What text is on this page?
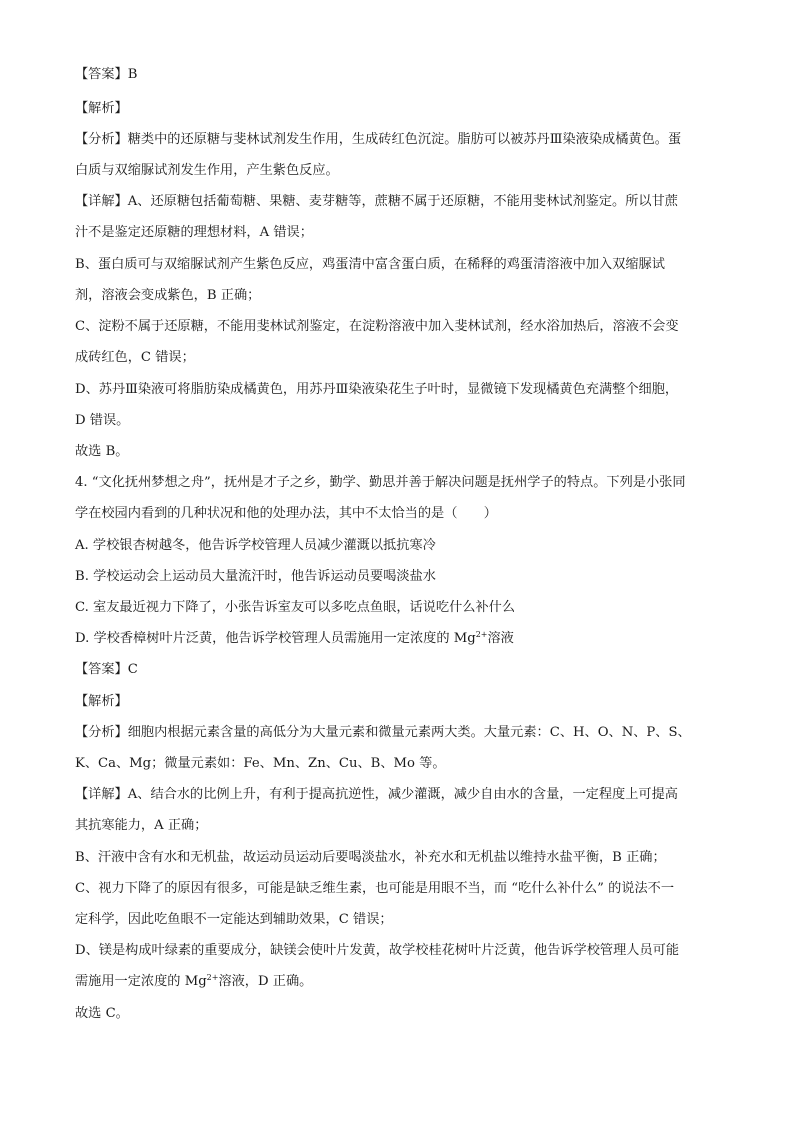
【答案】B
【解析】
【分析】糖类中的还原糖与斐林试剂发生作用，生成砖红色沉淀。脂肪可以被苏丹Ⅲ染液染成橘黄色。蛋
白质与双缩脲试剂发生作用，产生紫色反应。
【详解】A、还原糖包括葡萄糖、果糖、麦芽糖等，蔗糖不属于还原糖，不能用斐林试剂鉴定。所以甘蔗
汁不是鉴定还原糖的理想材料，A 错误；
B、蛋白质可与双缩脲试剂产生紫色反应，鸡蛋清中富含蛋白质，在稀释的鸡蛋清溶液中加入双缩脲试
剂，溶液会变成紫色，B 正确；
C、淀粉不属于还原糖，不能用斐林试剂鉴定，在淀粉溶液中加入斐林试剂，经水浴加热后，溶液不会变
成砖红色，C 错误；
D、苏丹Ⅲ染液可将脂肪染成橘黄色，用苏丹Ⅲ染液染花生子叶时，显微镜下发现橘黄色充满整个细胞，
D 错误。
故选 B。
4. “文化抚州梦想之舟”，抚州是才子之乡，勤学、勤思并善于解决问题是抚州学子的特点。下列是小张同
学在校园内看到的几种状况和他的处理办法，其中不太恰当的是（　　）
A. 学校银杏树越冬，他告诉学校管理人员减少灌溉以抵抗寒冷
B. 学校运动会上运动员大量流汗时，他告诉运动员要喝淡盐水
C. 室友最近视力下降了，小张告诉室友可以多吃点鱼眼，话说吃什么补什么
D. 学校香樟树叶片泛黄，他告诉学校管理人员需施用一定浓度的 $Mg^{2+}$溶液
【答案】C
【解析】
【分析】细胞内根据元素含量的高低分为大量元素和微量元素两大类。大量元素：C、H、O、N、P、S、
K、Ca、Mg；微量元素如：Fe、Mn、Zn、Cu、B、Mo 等。
【详解】A、结合水的比例上升，有利于提高抗逆性，减少灌溉，减少自由水的含量，一定程度上可提高
其抗寒能力，A 正确；
B、汗液中含有水和无机盐，故运动员运动后要喝淡盐水，补充水和无机盐以维持水盐平衡，B 正确；
C、视力下降了的原因有很多，可能是缺乏维生素，也可能是用眼不当，而 “吃什么补什么” 的说法不一
定科学，因此吃鱼眼不一定能达到辅助效果，C 错误；
D、镁是构成叶绿素的重要成分，缺镁会使叶片发黄，故学校桂花树叶片泛黄，他告诉学校管理人员可能
需施用一定浓度的 $Mg^{2+}$溶液，D 正确。
故选 C。
